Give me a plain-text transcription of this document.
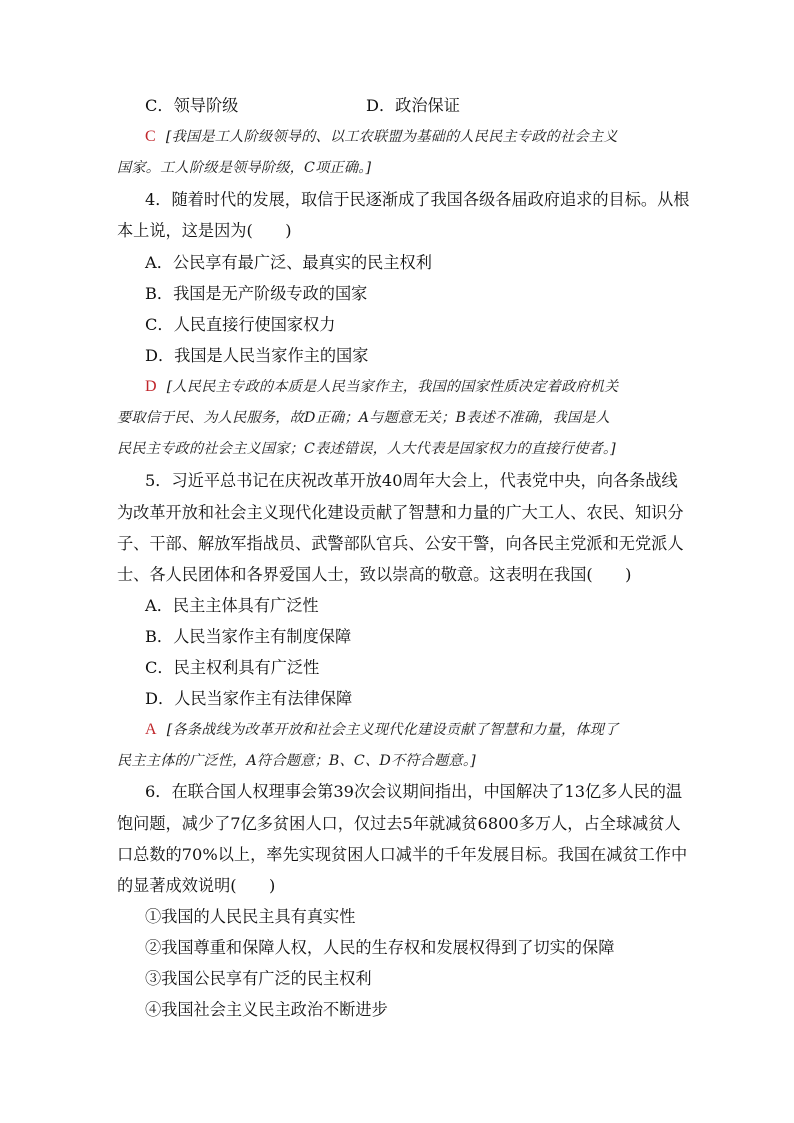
C．领导阶级	D．政治保证
C [我国是工人阶级领导的、以工农联盟为基础的人民民主专政的社会主义
国家。工人阶级是领导阶级，C项正确。]
4．随着时代的发展，取信于民逐渐成了我国各级各届政府追求的目标。从根
本上说，这是因为(　　)
A．公民享有最广泛、最真实的民主权利
B．我国是无产阶级专政的国家
C．人民直接行使国家权力
D．我国是人民当家作主的国家
D [人民民主专政的本质是人民当家作主，我国的国家性质决定着政府机关
要取信于民、为人民服务，故D正确；A与题意无关；B表述不准确，我国是人
民民主专政的社会主义国家；C表述错误，人大代表是国家权力的直接行使者。]
5．习近平总书记在庆祝改革开放40周年大会上，代表党中央，向各条战线
为改革开放和社会主义现代化建设贡献了智慧和力量的广大工人、农民、知识分
子、干部、解放军指战员、武警部队官兵、公安干警，向各民主党派和无党派人
士、各人民团体和各界爱国人士，致以崇高的敬意。这表明在我国(　　)
A．民主主体具有广泛性
B．人民当家作主有制度保障
C．民主权利具有广泛性
D．人民当家作主有法律保障
A [各条战线为改革开放和社会主义现代化建设贡献了智慧和力量，体现了
民主主体的广泛性，A符合题意；B、C、D不符合题意。]
6．在联合国人权理事会第39次会议期间指出，中国解决了13亿多人民的温
饱问题，减少了7亿多贫困人口，仅过去5年就减贫6800多万人，占全球减贫人
口总数的70%以上，率先实现贫困人口减半的千年发展目标。我国在减贫工作中
的显著成效说明(　　)
①我国的人民民主具有真实性
②我国尊重和保障人权，人民的生存权和发展权得到了切实的保障
③我国公民享有广泛的民主权利
④我国社会主义民主政治不断进步
